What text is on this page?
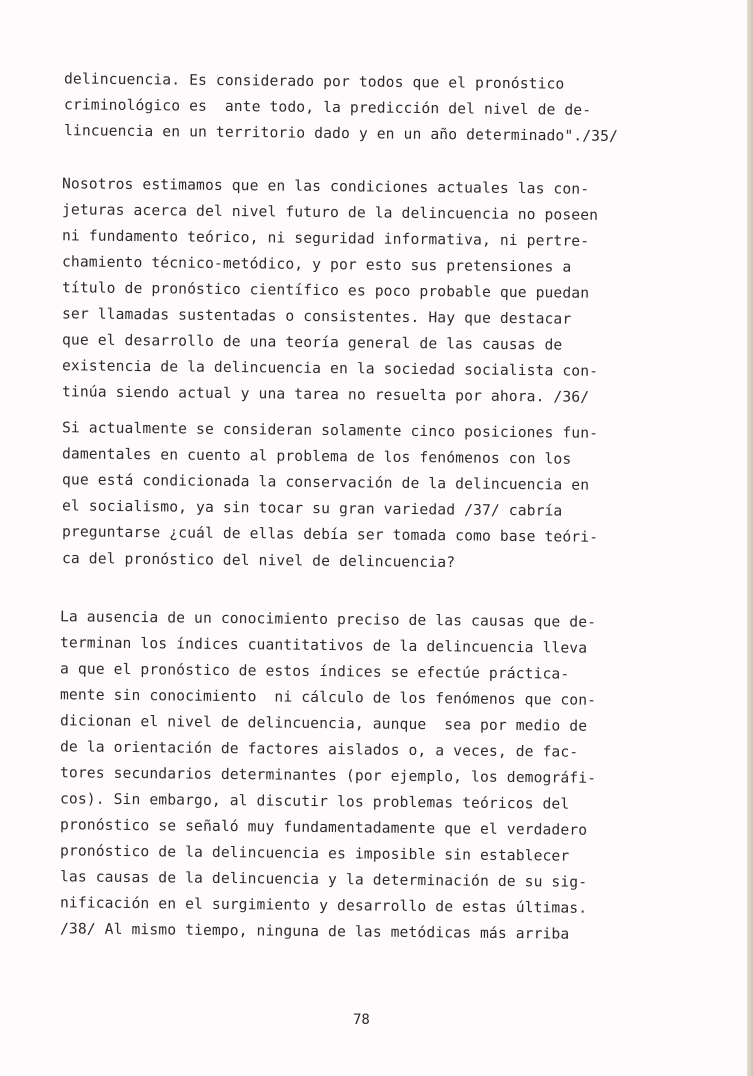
delincuencia. Es considerado por todos que el pronóstico
criminológico es  ante todo, la predicción del nivel de de-
lincuencia en un territorio dado y en un año determinado"./35/
Nosotros estimamos que en las condiciones actuales las con-
jeturas acerca del nivel futuro de la delincuencia no poseen
ni fundamento teórico, ni seguridad informativa, ni pertre-
chamiento técnico-metódico, y por esto sus pretensiones a
título de pronóstico científico es poco probable que puedan
ser llamadas sustentadas o consistentes. Hay que destacar
que el desarrollo de una teoría general de las causas de
existencia de la delincuencia en la sociedad socialista con-
tinúa siendo actual y una tarea no resuelta por ahora. /36/
Si actualmente se consideran solamente cinco posiciones fun-
damentales en cuento al problema de los fenómenos con los
que está condicionada la conservación de la delincuencia en
el socialismo, ya sin tocar su gran variedad /37/ cabría
preguntarse ¿cuál de ellas debía ser tomada como base teóri-
ca del pronóstico del nivel de delincuencia?
La ausencia de un conocimiento preciso de las causas que de-
terminan los índices cuantitativos de la delincuencia lleva
a que el pronóstico de estos índices se efectúe prácticа-
mente sin conocimiento  ni cálculo de los fenómenos que con-
dicionan el nivel de delincuencia, aunque  sea por medio de
de la orientación de factores aislados o, a veces, de fac-
tores secundarios determinantes (por ejemplo, los demográfi-
cos). Sin embargo, al discutir los problemas teóricos del
pronóstico se señaló muy fundamentadamente que el verdadero
pronóstico de la delincuencia es imposible sin establecer
las causas de la delincuencia y la determinación de su sig-
nificación en el surgimiento y desarrollo de estas últimas.
/38/ Al mismo tiempo, ninguna de las metódicas más arriba
78
